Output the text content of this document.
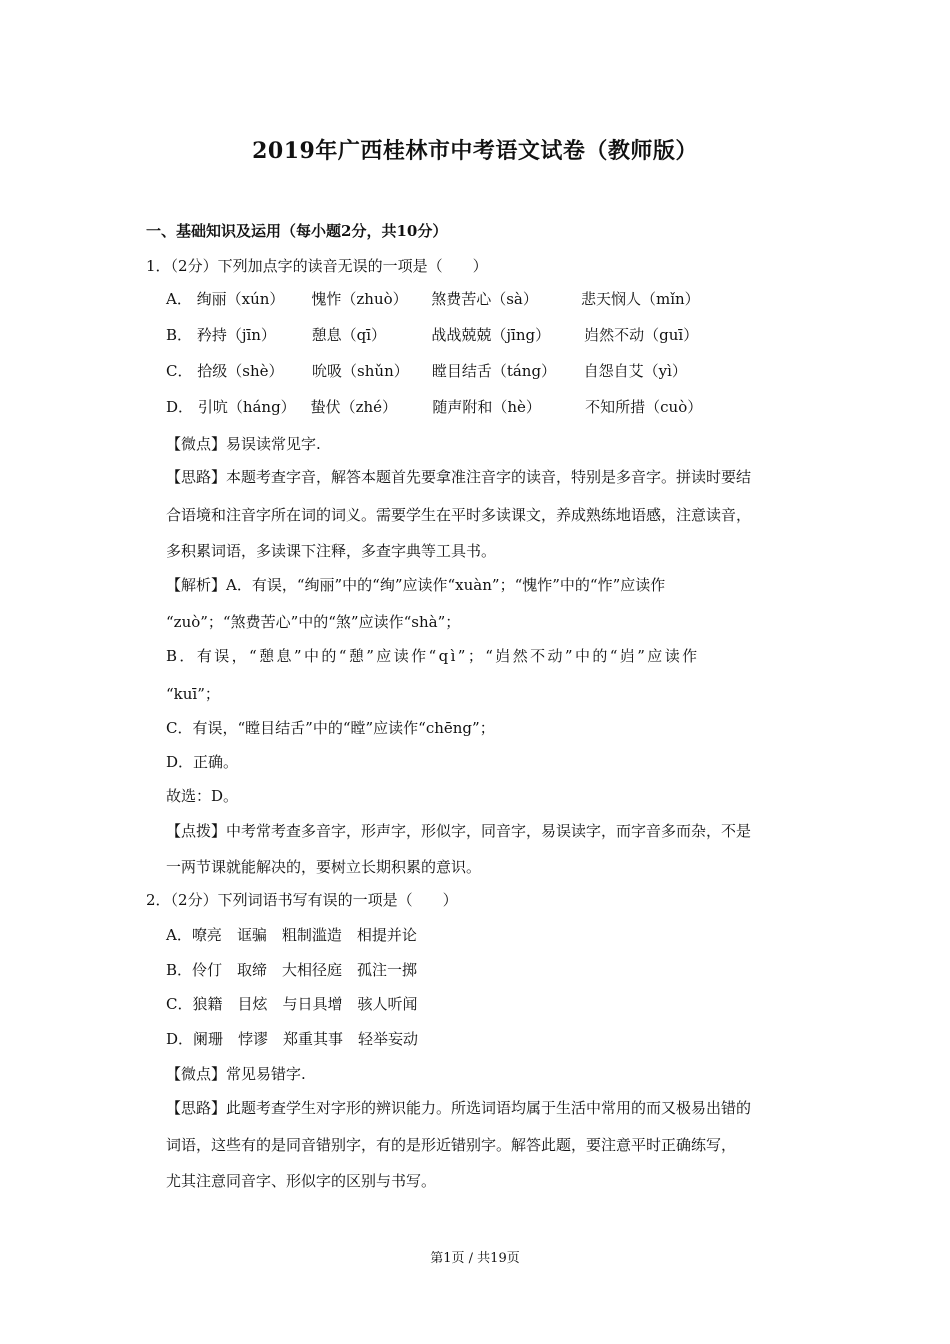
2019年广西桂林市中考语文试卷（教师版）
一、基础知识及运用（每小题2分，共10分）
1．（2分）下列加点字的读音无误的一项是（　　）
A． 绚丽（xún） 愧怍（zhuò） 煞费苦心（sà）	悲天悯人（mǐn）
B． 矜持（jīn） 憩息（qī）	战战兢兢（jīng） 岿然不动（guī）
C． 拾级（shè） 吮吸（shǔn） 瞠目结舌（táng） 自怨自艾（yì）
D． 引吭（háng） 蛰伏（zhé） 随声附和（hè）	不知所措（cuò）
【微点】易误读常见字.
【思路】本题考查字音，解答本题首先要拿准注音字的读音，特别是多音字。拼读时要结
合语境和注音字所在词的词义。需要学生在平时多读课文，养成熟练地语感，注意读音，
多积累词语，多读课下注释，多查字典等工具书。
【解析】A．有误，“绚丽”中的“绚”应读作“xuàn”；“愧怍”中的“怍”应读作
“zuò”；“煞费苦心”中的“煞”应读作“shà”；
B．有误，“憩息”中的“憩”应读作“qì”；“岿然不动”中的“岿”应读作
“kuī”；
C．有误，“瞠目结舌”中的“瞠”应读作“chēng”；
D．正确。
故选：D。
【点拨】中考常考查多音字，形声字，形似字，同音字，易误读字，而字音多而杂，不是
一两节课就能解决的，要树立长期积累的意识。
2．（2分）下列词语书写有误的一项是（　　）
A．嘹亮　诓骗　粗制滥造　相提并论
B．伶仃　取缔　大相径庭　孤注一掷
C．狼籍　目炫　与日具增　骇人听闻
D．阑珊　悖谬　郑重其事　轻举妄动
【微点】常见易错字.
【思路】此题考查学生对字形的辨识能力。所选词语均属于生活中常用的而又极易出错的
词语，这些有的是同音错别字，有的是形近错别字。解答此题，要注意平时正确练写，
尤其注意同音字、形似字的区别与书写。
第1页 / 共19页
